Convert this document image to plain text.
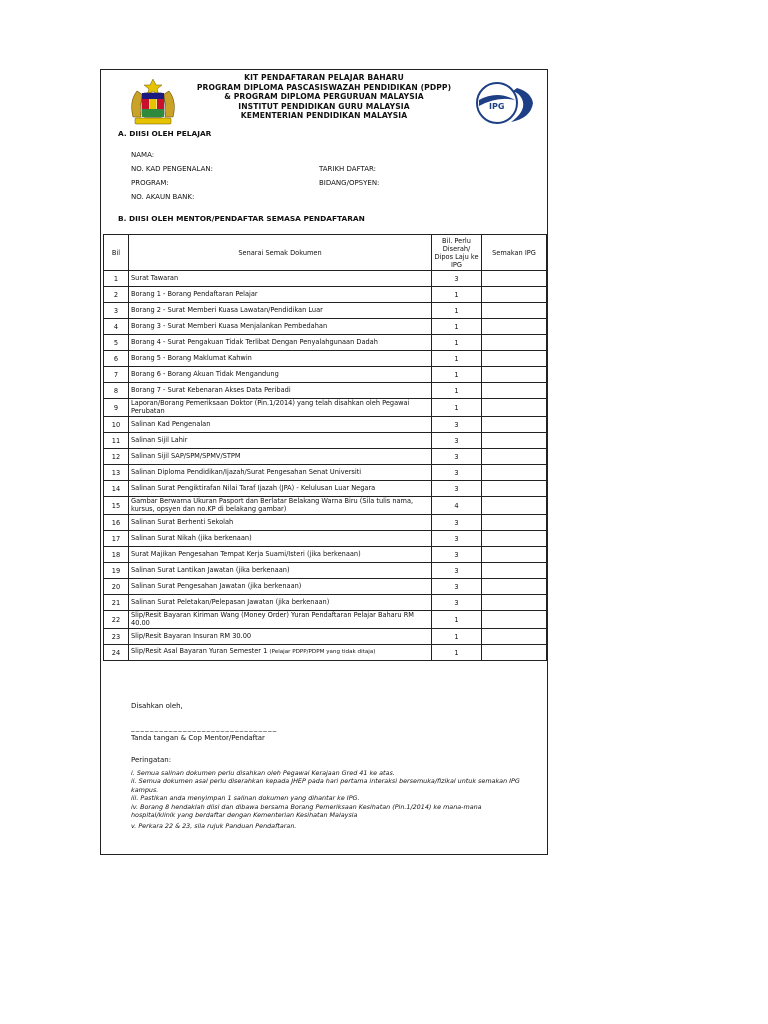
IPG
KIT PENDAFTARAN PELAJAR BAHARU
PROGRAM DIPLOMA PASCASISWAZAH PENDIDIKAN (PDPP)
& PROGRAM DIPLOMA PERGURUAN MALAYSIA
INSTITUT PENDIDIKAN GURU MALAYSIA
KEMENTERIAN PENDIDIKAN MALAYSIA
A. DIISI OLEH PELAJAR
NAMA:
NO. KAD PENGENALAN:	TARIKH DAFTAR:
PROGRAM:	BIDANG/OPSYEN:
NO. AKAUN BANK:
B. DIISI OLEH MENTOR/PENDAFTAR SEMASA PENDAFTARAN
Bil	Senarai Semak Dokumen	Bil. Perlu Diserah/ Dipos Laju ke IPG	Semakan IPG
1	Surat Tawaran	3	
2	Borang 1 - Borang Pendaftaran Pelajar	1	
3	Borang 2 - Surat Memberi Kuasa Lawatan/Pendidikan Luar	1	
4	Borang 3 - Surat Memberi Kuasa Menjalankan Pembedahan	1	
5	Borang 4 - Surat Pengakuan Tidak Terlibat Dengan Penyalahgunaan Dadah	1	
6	Borang 5 - Borang Maklumat Kahwin	1	
7	Borang 6 - Borang Akuan Tidak Mengandung	1	
8	Borang 7 - Surat Kebenaran Akses Data Peribadi	1	
9	Laporan/Borang Pemeriksaan Doktor (Pin.1/2014) yang telah disahkan oleh Pegawai Perubatan	1	
10	Salinan Kad Pengenalan	3	
11	Salinan Sijil Lahir	3	
12	Salinan Sijil SAP/SPM/SPMV/STPM	3	
13	Salinan Diploma Pendidikan/Ijazah/Surat Pengesahan Senat Universiti	3	
14	Salinan Surat Pengiktirafan Nilai Taraf Ijazah (JPA) - Kelulusan Luar Negara	3	
15	Gambar Berwarna Ukuran Pasport dan Berlatar Belakang Warna Biru (Sila tulis nama, kursus, opsyen dan no.KP di belakang gambar)	4	
16	Salinan Surat Berhenti Sekolah	3	
17	Salinan Surat Nikah (jika berkenaan)	3	
18	Surat Majikan Pengesahan Tempat Kerja Suami/Isteri (jika berkenaan)	3	
19	Salinan Surat Lantikan Jawatan (jika berkenaan)	3	
20	Salinan Surat Pengesahan Jawatan (jika berkenaan)	3	
21	Salinan Surat Peletakan/Pelepasan Jawatan (jika berkenaan)	3	
22	Slip/Resit Bayaran Kiriman Wang (Money Order) Yuran Pendaftaran Pelajar Baharu RM 40.00	1	
23	Slip/Resit Bayaran Insuran RM 30.00	1	
24	Slip/Resit Asal Bayaran Yuran Semester 1 (Pelajar PDPP/PDPM yang tidak ditaja)	1	
Disahkan oleh,
_ _ _ _ _ _ _ _ _ _ _ _ _ _ _ _ _ _ _ _ _ _ _ _ _ _ _ _ _ _ _
Tanda tangan & Cop Mentor/Pendaftar
Peringatan:
i. Semua salinan dokumen perlu disahkan oleh Pegawai Kerajaan Gred 41 ke atas.
ii. Semua dokumen asal perlu diserahkan kepada JHEP pada hari pertama interaksi bersemuka/fizikal untuk semakan IPG kampus.
iii. Pastikan anda menyimpan 1 salinan dokumen yang dihantar ke IPG.
iv. Borang 8 hendaklah diisi dan dibawa bersama Borang Pemeriksaan Kesihatan (Pin.1/2014) ke mana-mana hospital/klinik yang berdaftar dengan Kementerian Kesihatan Malaysia
v. Perkara 22 & 23, sila rujuk Panduan Pendaftaran.
